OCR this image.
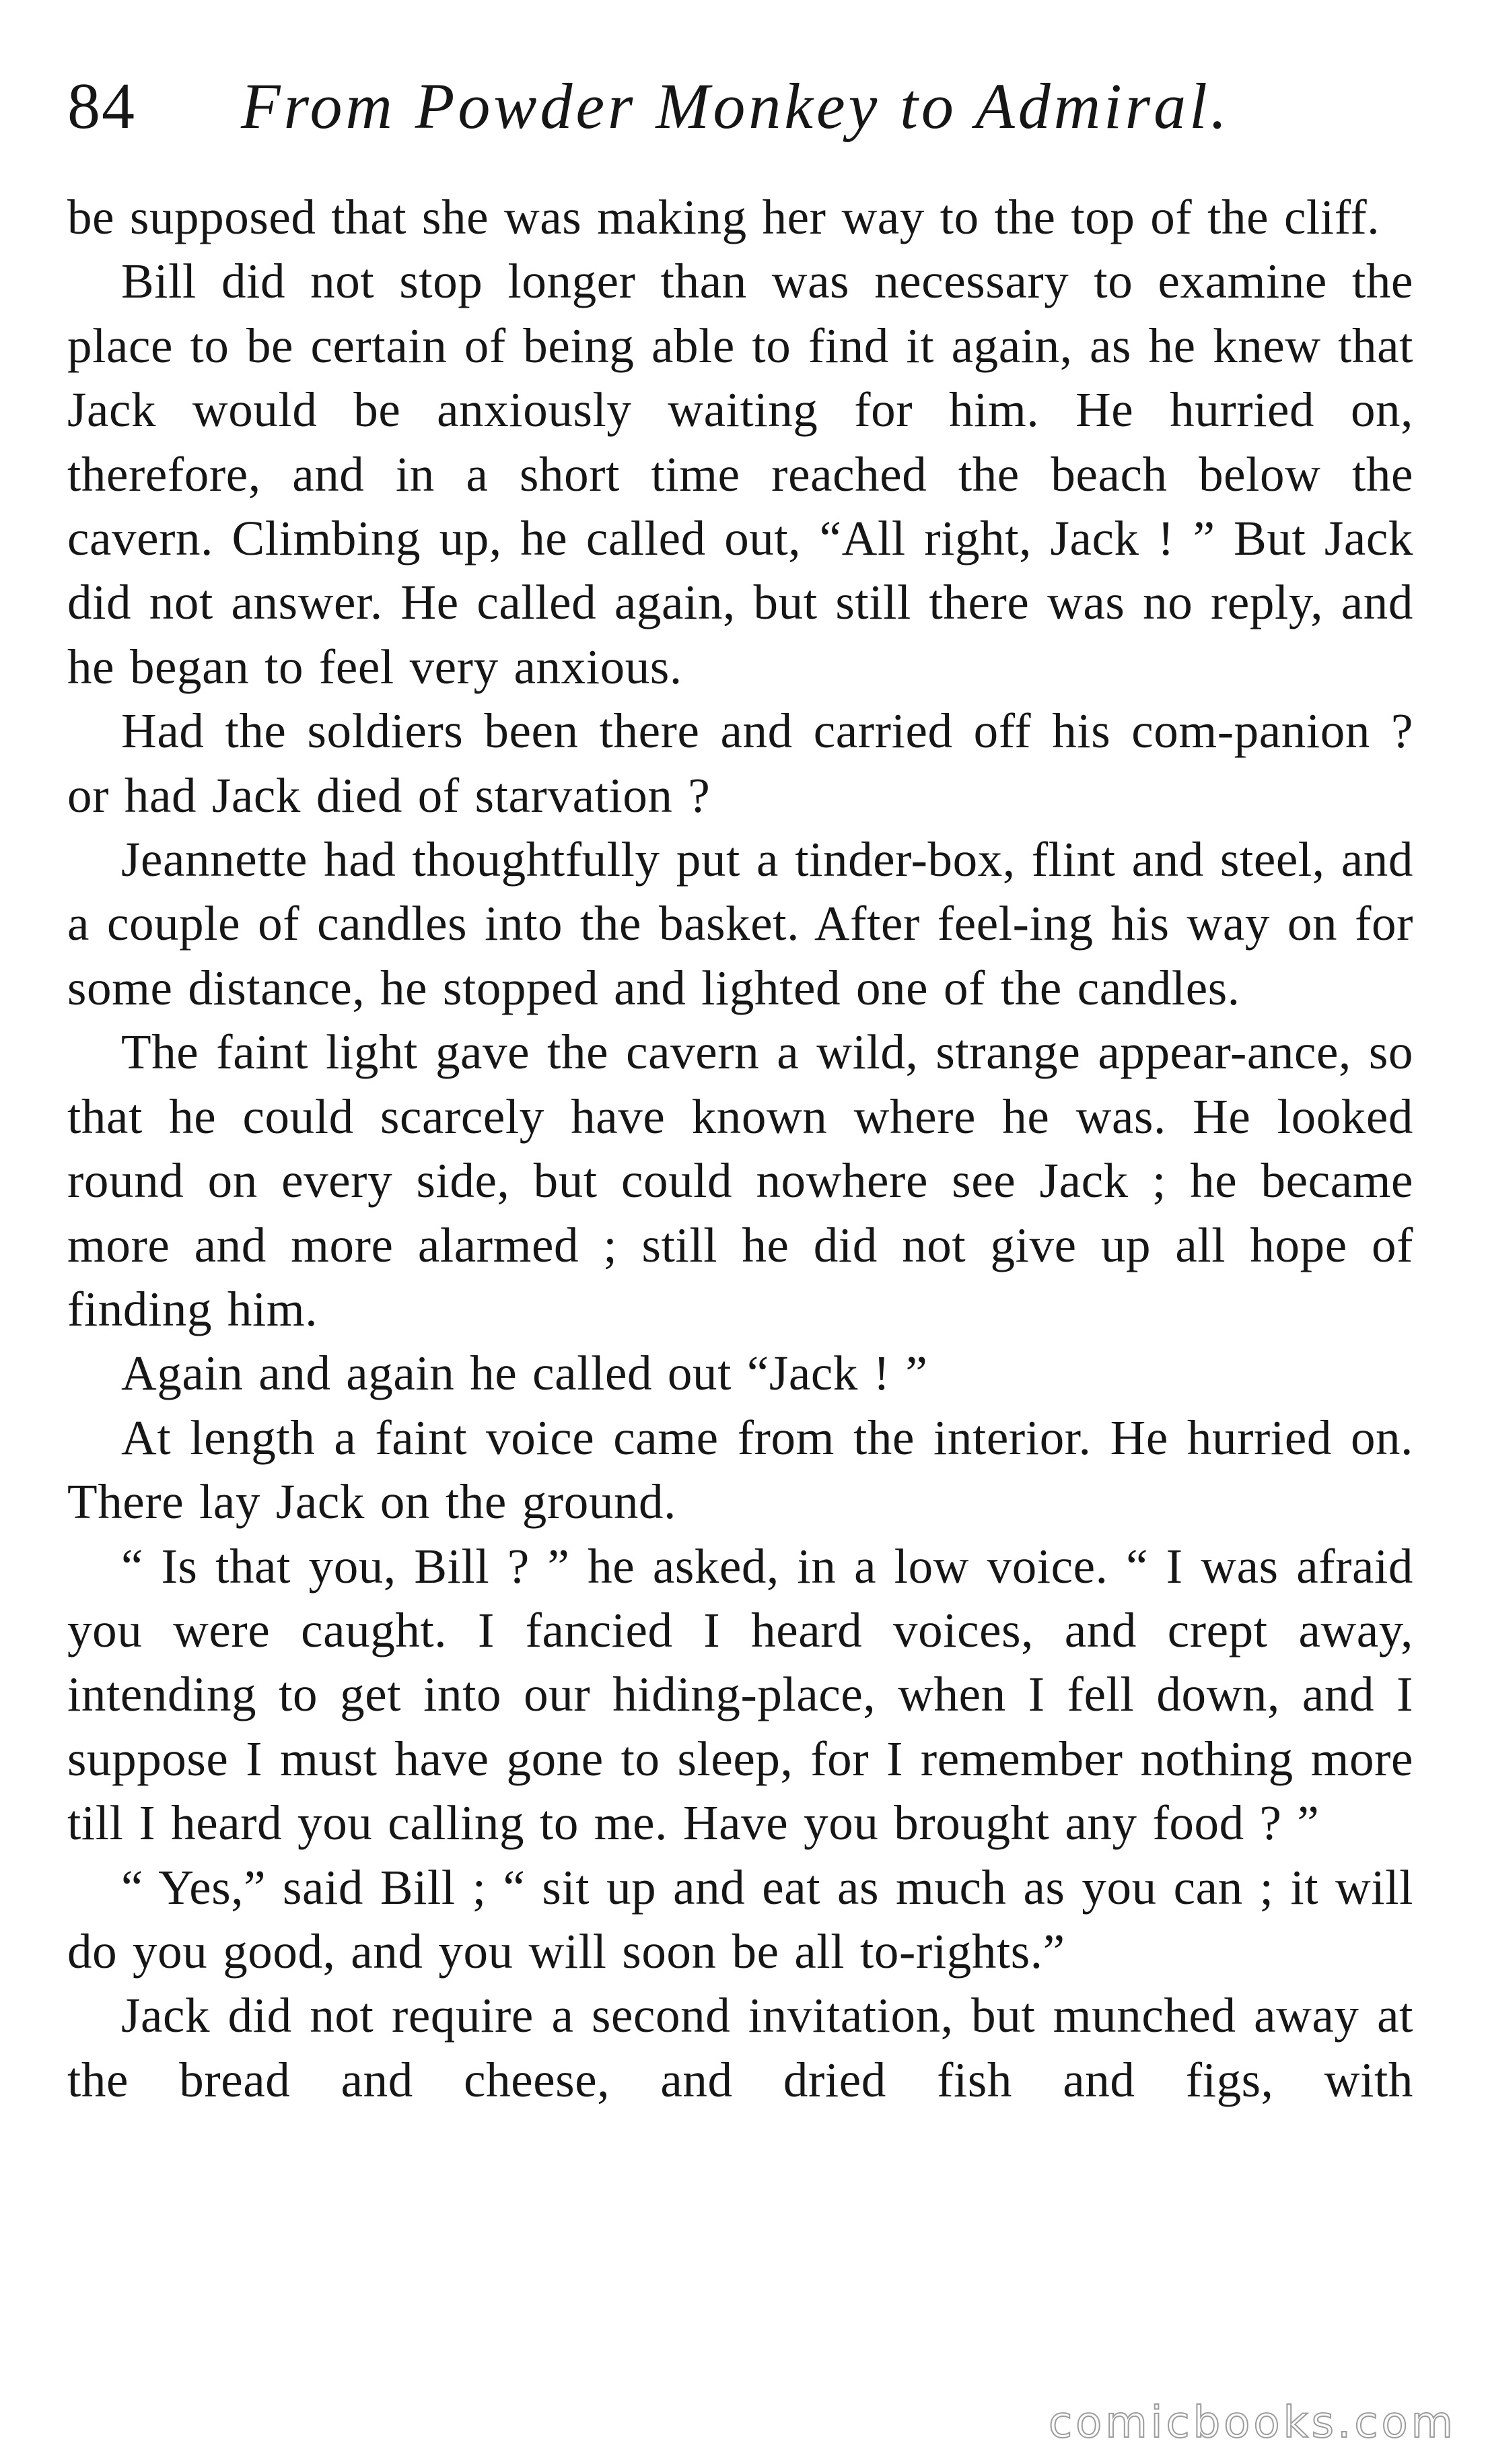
84 From Powder Monkey to Admiral.

be supposed that she was making her way to the top of the cliff.

Bill did not stop longer than was necessary to examine the place to be certain of being able to find it again, as he knew that Jack would be anxiously waiting for him. He hurried on, therefore, and in a short time reached the beach below the cavern. Climbing up, he called out, “All right, Jack ! ” But Jack did not answer. He called again, but still there was no reply, and he began to feel very anxious.

Had the soldiers been there and carried off his com-panion ? or had Jack died of starvation ?

Jeannette had thoughtfully put a tinder-box, flint and steel, and a couple of candles into the basket. After feel-ing his way on for some distance, he stopped and lighted one of the candles.

The faint light gave the cavern a wild, strange appear-ance, so that he could scarcely have known where he was. He looked round on every side, but could nowhere see Jack ; he became more and more alarmed ; still he did not give up all hope of finding him.

Again and again he called out “Jack ! ”

At length a faint voice came from the interior. He hurried on. There lay Jack on the ground.

“ Is that you, Bill ? ” he asked, in a low voice. “ I was afraid you were caught. I fancied I heard voices, and crept away, intending to get into our hiding-place, when I fell down, and I suppose I must have gone to sleep, for I remember nothing more till I heard you calling to me. Have you brought any food ? ”

“ Yes,” said Bill ; “ sit up and eat as much as you can ; it will do you good, and you will soon be all to-rights.”

Jack did not require a second invitation, but munched away at the bread and cheese, and dried fish and figs, with

comicbooks.com
